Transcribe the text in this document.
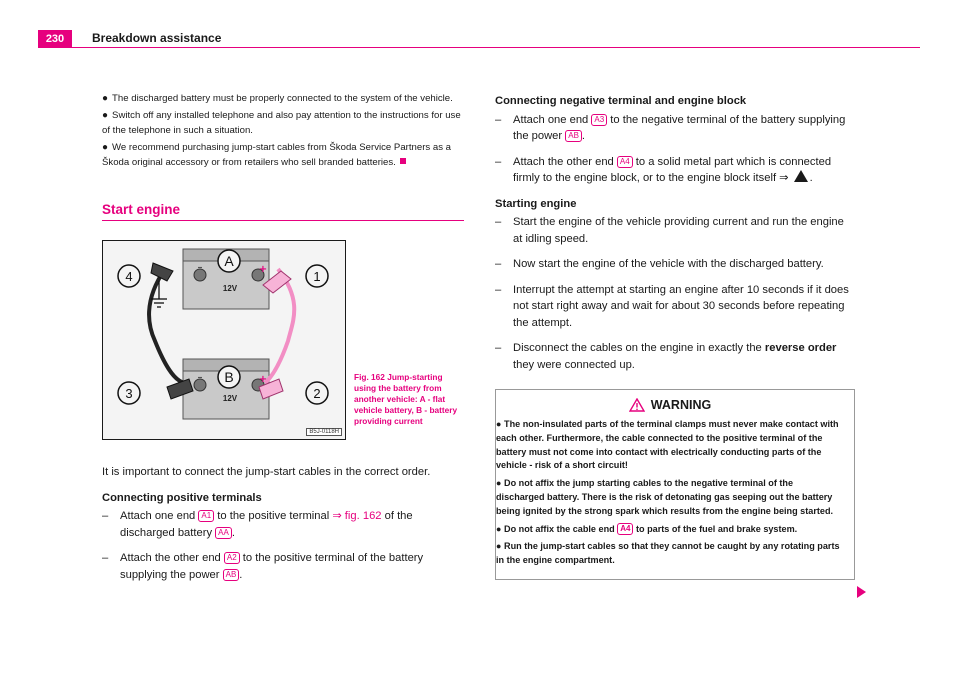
230	Breakdown assistance
● The discharged battery must be properly connected to the system of the vehicle.
● Switch off any installed telephone and also pay attention to the instructions for use of the telephone in such a situation.
● We recommend purchasing jump-start cables from Škoda Service Partners as a Škoda original accessory or from retailers who sell branded batteries.
Start engine
–	+
12V
A
–	+
12V
B
4	1
3	2
B5J-0118H
Fig. 162 Jump-starting using the battery from another vehicle: A - flat vehicle battery, B - battery providing current
It is important to connect the jump-start cables in the correct order.
Connecting positive terminals
– Attach one end A1 to the positive terminal ⇒ fig. 162 of the discharged battery AA .
– Attach the other end A2 to the positive terminal of the battery supplying the power AB .
Connecting negative terminal and engine block
– Attach one end A3 to the negative terminal of the battery supplying the power AB .
– Attach the other end A4 to a solid metal part which is connected firmly to the engine block, or to the engine block itself ⇒ .
Starting engine
– Start the engine of the vehicle providing current and run the engine at idling speed.
– Now start the engine of the vehicle with the discharged battery.
– Interrupt the attempt at starting an engine after 10 seconds if it does not start right away and wait for about 30 seconds before repeating the attempt.
– Disconnect the cables on the engine in exactly the reverse order they were connected up.
WARNING
● The non-insulated parts of the terminal clamps must never make contact with each other. Furthermore, the cable connected to the positive terminal of the battery must not come into contact with electrically conducting parts of the vehicle - risk of a short circuit!
● Do not affix the jump starting cables to the negative terminal of the discharged battery. There is the risk of detonating gas seeping out the battery being ignited by the strong spark which results from the engine being started.
● Do not affix the cable end A4 to parts of the fuel and brake system.
● Run the jump-start cables so that they cannot be caught by any rotating parts in the engine compartment.
